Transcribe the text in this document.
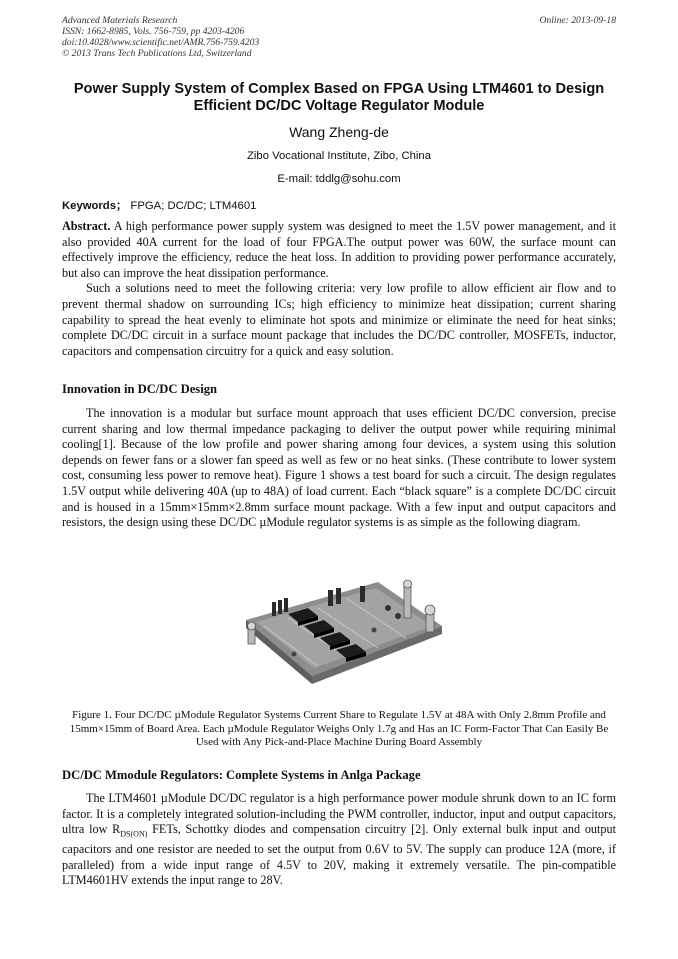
Advanced Materials Research
ISSN: 1662-8985, Vols. 756-759, pp 4203-4206
doi:10.4028/www.scientific.net/AMR.756-759.4203
© 2013 Trans Tech Publications Ltd, Switzerland
Online: 2013-09-18
Power Supply System of Complex Based on FPGA Using LTM4601 to Design Efficient DC/DC Voltage Regulator Module
Wang Zheng-de
Zibo Vocational Institute, Zibo, China
E-mail: tddlg@sohu.com
Keywords； FPGA; DC/DC; LTM4601

Abstract. A high performance power supply system was designed to meet the 1.5V power management, and it also provided 40A current for the load of four FPGA.The output power was 60W, the surface mount can effectively improve the efficiency, reduce the heat loss. In addition to providing power performance accurately, but also can improve the heat dissipation performance.

Such a solutions need to meet the following criteria: very low profile to allow efficient air flow and to prevent thermal shadow on surrounding ICs; high efficiency to minimize heat dissipation; current sharing capability to spread the heat evenly to eliminate hot spots and minimize or eliminate the need for heat sinks; complete DC/DC circuit in a surface mount package that includes the DC/DC controller, MOSFETs, inductor, capacitors and compensation circuitry for a quick and easy solution.

Innovation in DC/DC Design

The innovation is a modular but surface mount approach that uses efficient DC/DC conversion, precise current sharing and low thermal impedance packaging to deliver the output power while requiring minimal cooling[1]. Because of the low profile and power sharing among four devices, a system using this solution depends on fewer fans or a slower fan speed as well as few or no heat sinks. (These contribute to lower system cost, consuming less power to remove heat). Figure 1 shows a test board for such a circuit. The design regulates 1.5V output while delivering 40A (up to 48A) of load current. Each “black square” is a complete DC/DC circuit and is housed in a 15mm×15mm×2.8mm surface mount package. With a few input and output capacitors and resistors, the design using these DC/DC µModule regulator systems is as simple as the following diagram.

Figure 1. Four DC/DC µModule Regulator Systems Current Share to Regulate 1.5V at 48A with Only 2.8mm Profile and 15mm×15mm of Board Area. Each µModule Regulator Weighs Only 1.7g and Has an IC Form-Factor That Can Easily Be Used with Any Pick-and-Place Machine During Board Assembly
DC/DC Mmodule Regulators: Complete Systems in Anlga Package

The LTM4601 µModule DC/DC regulator is a high performance power module shrunk down to an IC form factor. It is a completely integrated solution-including the PWM controller, inductor, input and output capacitors, ultra low $R_{DS(ON)}$ FETs, Schottky diodes and compensation circuitry [2]. Only external bulk input and output capacitors and one resistor are needed to set the output from 0.6V to 5V. The supply can produce 12A (more, if paralleled) from a wide input range of 4.5V to 20V, making it extremely versatile. The pin-compatible LTM4601HV extends the input range to 28V.
